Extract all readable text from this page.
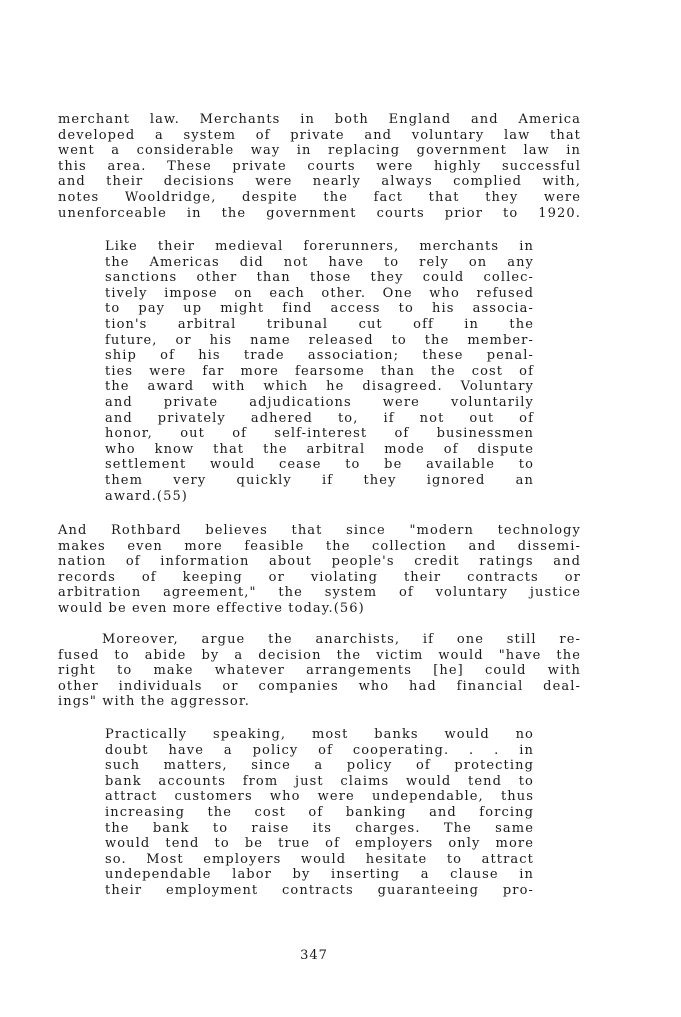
merchant law. Merchants in both England and America
developed a system of private and voluntary law that
went a considerable way in replacing government law in
this area. These private courts were highly successful
and their decisions were nearly always complied with,
notes Wooldridge, despite the fact that they were
unenforceable in the government courts prior to 1920.
Like their medieval forerunners, merchants in
the Americas did not have to rely on any
sanctions other than those they could collec-
tively impose on each other. One who refused
to pay up might find access to his associa-
tion's arbitral tribunal cut off in the
future, or his name released to the member-
ship of his trade association; these penal-
ties were far more fearsome than the cost of
the award with which he disagreed. Voluntary
and private adjudications were voluntarily
and privately adhered to, if not out of
honor, out of self-interest of businessmen
who know that the arbitral mode of dispute
settlement would cease to be available to
them very quickly if they ignored an
award.(55)
And Rothbard believes that since "modern technology
makes even more feasible the collection and dissemi-
nation of information about people's credit ratings and
records of keeping or violating their contracts or
arbitration agreement," the system of voluntary justice
would be even more effective today.(56)
Moreover, argue the anarchists, if one still re-
fused to abide by a decision the victim would "have the
right to make whatever arrangements [he] could with
other individuals or companies who had financial deal-
ings" with the aggressor.
Practically speaking, most banks would no
doubt have a policy of cooperating. . . in
such matters, since a policy of protecting
bank accounts from just claims would tend to
attract customers who were undependable, thus
increasing the cost of banking and forcing
the bank to raise its charges. The same
would tend to be true of employers only more
so. Most employers would hesitate to attract
undependable labor by inserting a clause in
their employment contracts guaranteeing pro-
347
